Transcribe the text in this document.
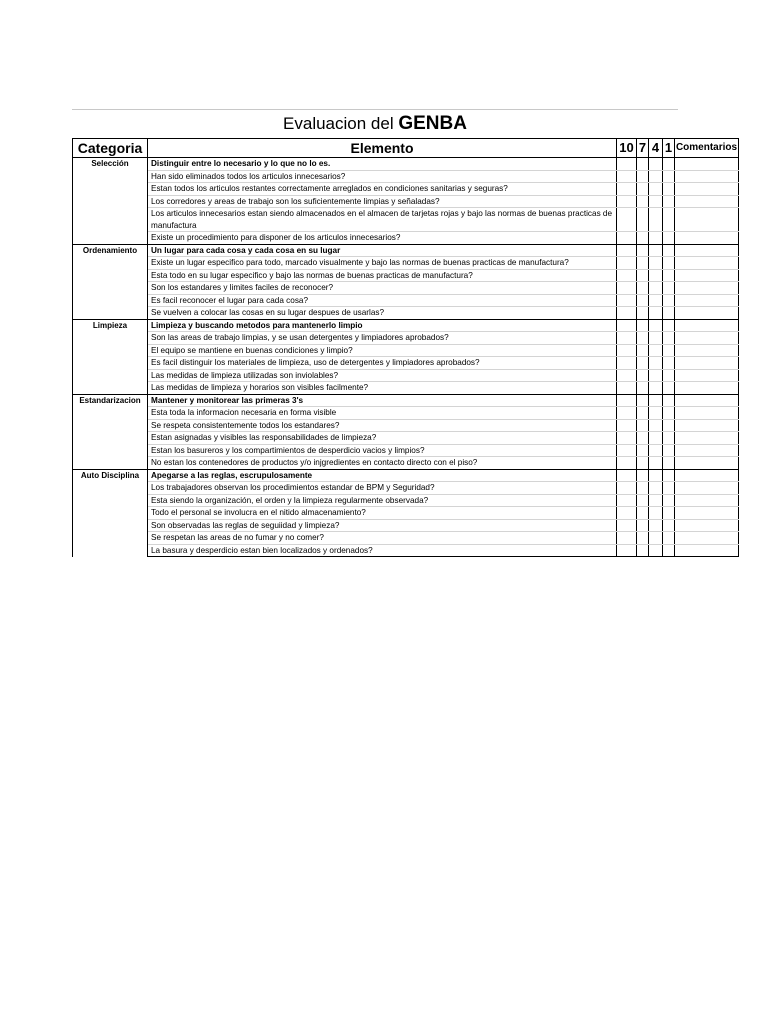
Evaluacion del GENBA
Categoria	Elemento	10	7	4	1	Comentarios
Selección	Distinguir entre lo necesario y lo que no lo es.					
	Han sido eliminados todos los articulos innecesarios?					
	Estan todos los articulos restantes correctamente arreglados en condiciones sanitarias y seguras?					
	Los corredores y areas de trabajo son los suficientemente limpias y señaladas?					
	Los articulos innecesarios estan siendo almacenados en el almacen de tarjetas rojas y bajo las normas de buenas practicas de manufactura					
	Existe un procedimiento para disponer de los articulos innecesarios?					
Ordenamiento	Un lugar para cada cosa y cada cosa en su lugar					
	Existe un lugar especifico para todo, marcado visualmente y bajo las normas de buenas practicas de manufactura?					
	Esta todo en su lugar especifico y bajo las normas de buenas practicas de manufactura?					
	Son los estandares y limites faciles de reconocer?					
	Es facil reconocer el lugar para cada cosa?					
	Se vuelven a colocar las cosas en su lugar despues de usarlas?					
Limpieza	Limpieza y buscando metodos para mantenerlo limpio					
	Son las areas de trabajo limpias, y se usan detergentes y limpiadores aprobados?					
	El equipo se mantiene en buenas condiciones y limpio?					
	Es facil distinguir los materiales de limpieza, uso de detergentes y limpiadores aprobados?					
	Las medidas de limpieza utilizadas son inviolables?					
	Las medidas de limpieza y horarios son visibles facilmente?					
Estandarizacion	Mantener y monitorear las primeras 3's					
	Esta toda la informacion necesaria en forma visible					
	Se respeta consistentemente todos los estandares?					
	Estan asignadas y visibles las responsabilidades de limpieza?					
	Estan los basureros y los compartimientos de desperdicio vacios y limpios?					
	No estan los contenedores de productos y/o injgredientes en contacto directo con el piso?					
Auto Disciplina	Apegarse a las reglas, escrupulosamente					
	Los trabajadores observan los procedimientos estandar de BPM y Seguridad?					
	Esta siendo la organización, el orden y la limpieza regularmente observada?					
	Todo el personal se involucra en el nitido almacenamiento?					
	Son observadas las reglas de seguiidad y limpieza?					
	Se respetan las areas de no fumar y no comer?					
	La basura y desperdicio estan bien localizados y ordenados?					
